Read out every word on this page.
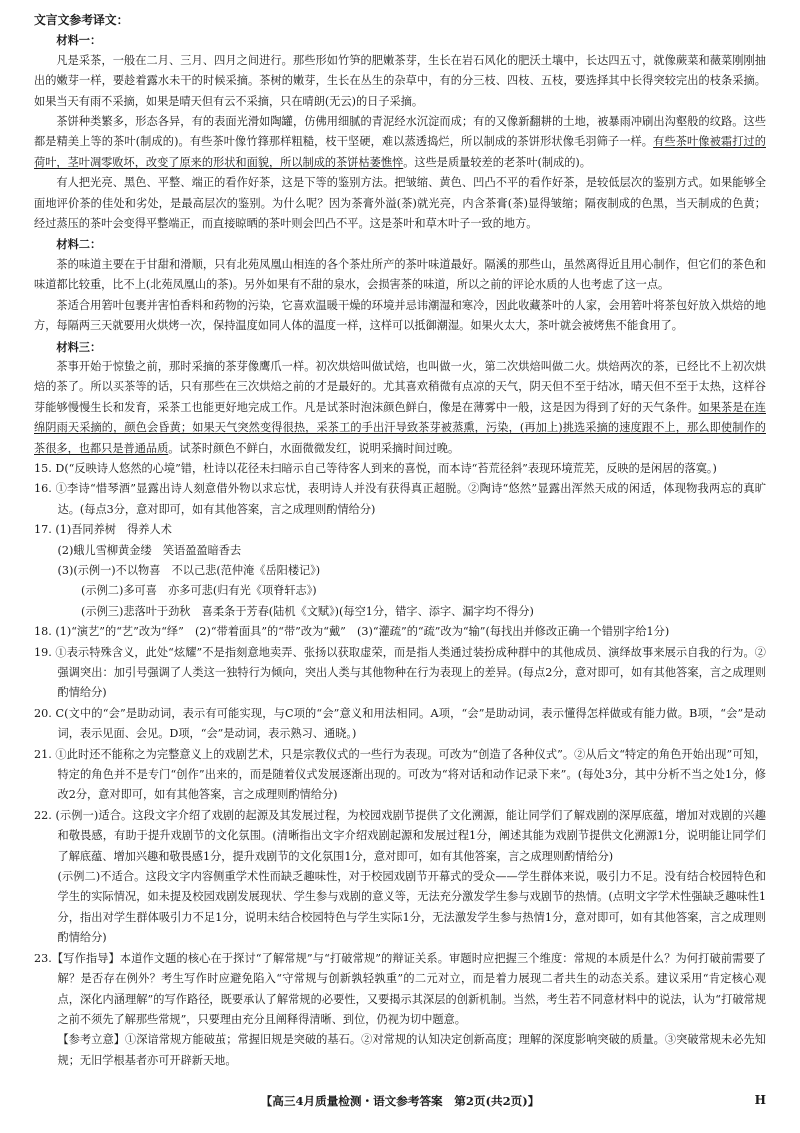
文言文参考译文：

材料一：

凡是采茶，一般在二月、三月、四月之间进行。那些形如竹笋的肥嫩茶芽，生长在岩石风化的肥沃土壤中，长达四五寸，就像蕨菜和薇菜刚刚抽出的嫩芽一样，要趁着露水未干的时候采摘。茶树的嫩芽，生长在丛生的杂草中，有的分三枝、四枝、五枝，要选择其中长得突较完出的枝条采摘。如果当天有雨不采摘，如果是晴天但有云不采摘，只在晴朗(无云)的日子采摘。

茶饼种类繁多，形态各异，有的表面光滑如陶罐，仿佛用细腻的青泥经水沉淀而成；有的又像新翻耕的土地，被暴雨冲刷出沟壑般的纹路。这些都是精美上等的茶叶(制成的)。有些茶叶像竹箨那样粗糙，枝干坚硬，难以蒸透捣烂，所以制成的茶饼形状像毛羽筛子一样。有些茶叶像被霜打过的荷叶，茎叶凋零败坏，改变了原来的形状和面貌，所以制成的茶饼枯萎憔悴。这些是质量较差的老茶叶(制成的)。

有人把光亮、黑色、平整、端正的看作好茶，这是下等的鉴别方法。把皱缩、黄色、凹凸不平的看作好茶，是较低层次的鉴别方式。如果能够全面地评价茶的佳处和劣处，是最高层次的鉴别。为什么呢？因为茶膏外溢(茶)就光亮，内含茶膏(茶)显得皱缩；隔夜制成的色黑，当天制成的色黄；经过蒸压的茶叶会变得平整端正，而直接晾晒的茶叶则会凹凸不平。这是茶叶和草木叶子一致的地方。

材料二：

茶的味道主要在于甘甜和滑顺，只有北苑凤凰山相连的各个茶灶所产的茶叶味道最好。隔溪的那些山，虽然离得近且用心制作，但它们的茶色和味道都比较重，比不上(北苑凤凰山的茶)。另外如果有不甜的泉水，会损害茶的味道，所以之前的评论水质的人也考虑了这一点。

茶适合用箬叶包裹并害怕香料和药物的污染，它喜欢温暖干燥的环境并忌讳潮湿和寒冷，因此收藏茶叶的人家，会用箬叶将茶包好放入烘焙的地方，每隔两三天就要用火烘烤一次，保持温度如同人体的温度一样，这样可以抵御潮湿。如果火太大，茶叶就会被烤焦不能食用了。

材料三：

茶事开始于惊蛰之前，那时采摘的茶芽像鹰爪一样。初次烘焙叫做试焙，也叫做一火，第二次烘焙叫做二火。烘焙两次的茶，已经比不上初次烘焙的茶了。所以买茶等的话，只有那些在三次烘焙之前的才是最好的。尤其喜欢稍微有点凉的天气，阴天但不至于结冰，晴天但不至于太热，这样谷芽能够慢慢生长和发育，采茶工也能更好地完成工作。凡是试茶时泡沫颜色鲜白，像是在薄雾中一般，这是因为得到了好的天气条件。如果茶是在连绵阴雨天采摘的，颜色会昏黄；如果天气突然变得很热，采茶工的手出汗导致茶芽被蒸熏，污染，(再加上)挑选采摘的速度跟不上，那么即使制作的茶很多，也都只是普通品质。试茶时颜色不鲜白，水面微微发红，说明采摘时间过晚。

15. D(“反映诗人悠然的心境”错，杜诗以花径未扫暗示自己等待客人到来的喜悦，而本诗“苔荒径斜”表现环境荒芜，反映的是闲居的落寞。)

16. ①李诗“惜琴酒”显露出诗人刻意借外物以求忘忧，表明诗人并没有获得真正超脱。②陶诗“悠然”显露出浑然天成的闲适，体现物我两忘的真旷达。(每点3分，意对即可，如有其他答案，言之成理则酌情给分)

17. (1)吾同养树　得养人术

(2)蛾儿雪柳黄金缕　笑语盈盈暗香去

(3)(示例一)不以物喜　不以己悲(范仲淹《岳阳楼记》)

(示例二)多可喜　亦多可悲(归有光《项脊轩志》)

(示例三)悲落叶于劲秋　喜柔条于芳春(陆机《文赋》)(每空1分，错字、添字、漏字均不得分)

18. (1)“演艺”的“艺”改为“绎”　(2)“带着面具”的“带”改为“戴”　(3)“灌疏”的“疏”改为“输”(每找出并修改正确一个错别字给1分)

19. ①表示特殊含义，此处“炫耀”不是指刻意地卖弄、张扬以获取虚荣，而是指人类通过装扮成种群中的其他成员、演绎故事来展示自我的行为。②强调突出：加引号强调了人类这一独特行为倾向，突出人类与其他物种在行为表现上的差异。(每点2分，意对即可，如有其他答案，言之成理则酌情给分)

20. C(文中的“会”是助动词，表示有可能实现，与C项的“会”意义和用法相同。A项，“会”是助动词，表示懂得怎样做或有能力做。B项，“会”是动词，表示见面、会见。D项，“会”是动词，表示熟习、通晓。)

21. ①此时还不能称之为完整意义上的戏剧艺术，只是宗教仪式的一些行为表现。可改为“创造了各种仪式”。②从后文“特定的角色开始出现”可知，特定的角色并不是专门“创作”出来的，而是随着仪式发展逐渐出现的。可改为“将对话和动作记录下来”。(每处3分，其中分析不当之处1分，修改2分，意对即可，如有其他答案，言之成理则酌情给分)

22. (示例一)适合。这段文字介绍了戏剧的起源及其发展过程，为校园戏剧节提供了文化溯源，能让同学们了解戏剧的深厚底蕴，增加对戏剧的兴趣和敬畏感，有助于提升戏剧节的文化氛围。(清晰指出文字介绍戏剧起源和发展过程1分，阐述其能为戏剧节提供文化溯源1分，说明能让同学们了解底蕴、增加兴趣和敬畏感1分，提升戏剧节的文化氛围1分，意对即可，如有其他答案，言之成理则酌情给分)

(示例二)不适合。这段文字内容侧重学术性而缺乏趣味性，对于校园戏剧节开幕式的受众——学生群体来说，吸引力不足。没有结合校园特色和学生的实际情况，如未提及校园戏剧发展现状、学生参与戏剧的意义等，无法充分激发学生参与戏剧节的热情。(点明文字学术性强缺乏趣味性1分，指出对学生群体吸引力不足1分，说明未结合校园特色与学生实际1分，无法激发学生参与热情1分，意对即可，如有其他答案，言之成理则酌情给分)

23.【写作指导】本道作文题的核心在于探讨“了解常规”与“打破常规”的辩证关系。审题时应把握三个维度：常规的本质是什么？为何打破前需要了解？是否存在例外？考生写作时应避免陷入“守常规与创新孰轻孰重”的二元对立，而是着力展现二者共生的动态关系。建议采用“肯定核心观点，深化内涵理解”的写作路径，既要承认了解常规的必要性，又要揭示其深层的创新机制。当然，考生若不同意材料中的说法，认为“打破常规之前不须先了解那些常规”，只要理由充分且阐释得清晰、到位，仍视为切中题意。

【参考立意】①深谙常规方能破茧；常握旧规是突破的基石。②对常规的认知决定创新高度；理解的深度影响突破的质量。③突破常规未必先知规；无旧学根基者亦可开辟新天地。

【高三4月质量检测・语文参考答案　第2页(共2页)】	H
